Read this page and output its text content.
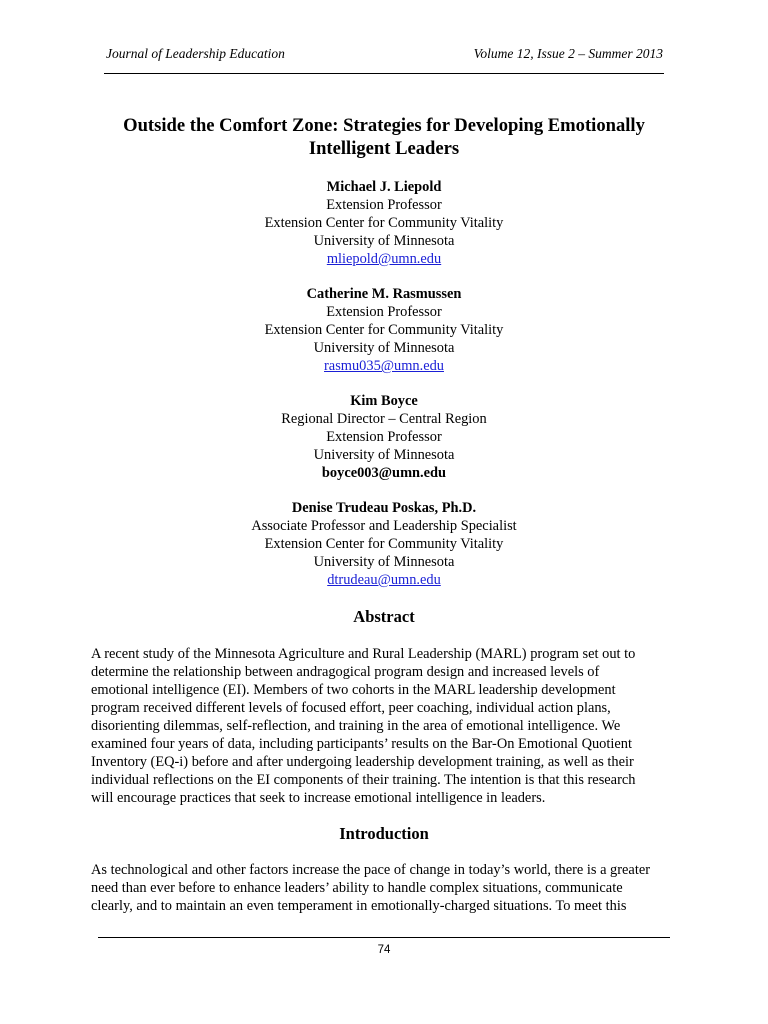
Journal of Leadership Education	Volume 12, Issue 2 – Summer 2013
Outside the Comfort Zone: Strategies for Developing Emotionally
Intelligent Leaders
Michael J. Liepold
Extension Professor
Extension Center for Community Vitality
University of Minnesota
mliepold@umn.edu
Catherine M. Rasmussen
Extension Professor
Extension Center for Community Vitality
University of Minnesota
rasmu035@umn.edu
Kim Boyce
Regional Director – Central Region
Extension Professor
University of Minnesota
boyce003@umn.edu
Denise Trudeau Poskas, Ph.D.
Associate Professor and Leadership Specialist
Extension Center for Community Vitality
University of Minnesota
dtrudeau@umn.edu
Abstract
A recent study of the Minnesota Agriculture and Rural Leadership (MARL) program set out to
determine the relationship between andragogical program design and increased levels of
emotional intelligence (EI). Members of two cohorts in the MARL leadership development
program received different levels of focused effort, peer coaching, individual action plans,
disorienting dilemmas, self-reflection, and training in the area of emotional intelligence. We
examined four years of data, including participants’ results on the Bar-On Emotional Quotient
Inventory (EQ-i) before and after undergoing leadership development training, as well as their
individual reflections on the EI components of their training. The intention is that this research
will encourage practices that seek to increase emotional intelligence in leaders.
Introduction
As technological and other factors increase the pace of change in today’s world, there is a greater
need than ever before to enhance leaders’ ability to handle complex situations, communicate
clearly, and to maintain an even temperament in emotionally-charged situations. To meet this
74
